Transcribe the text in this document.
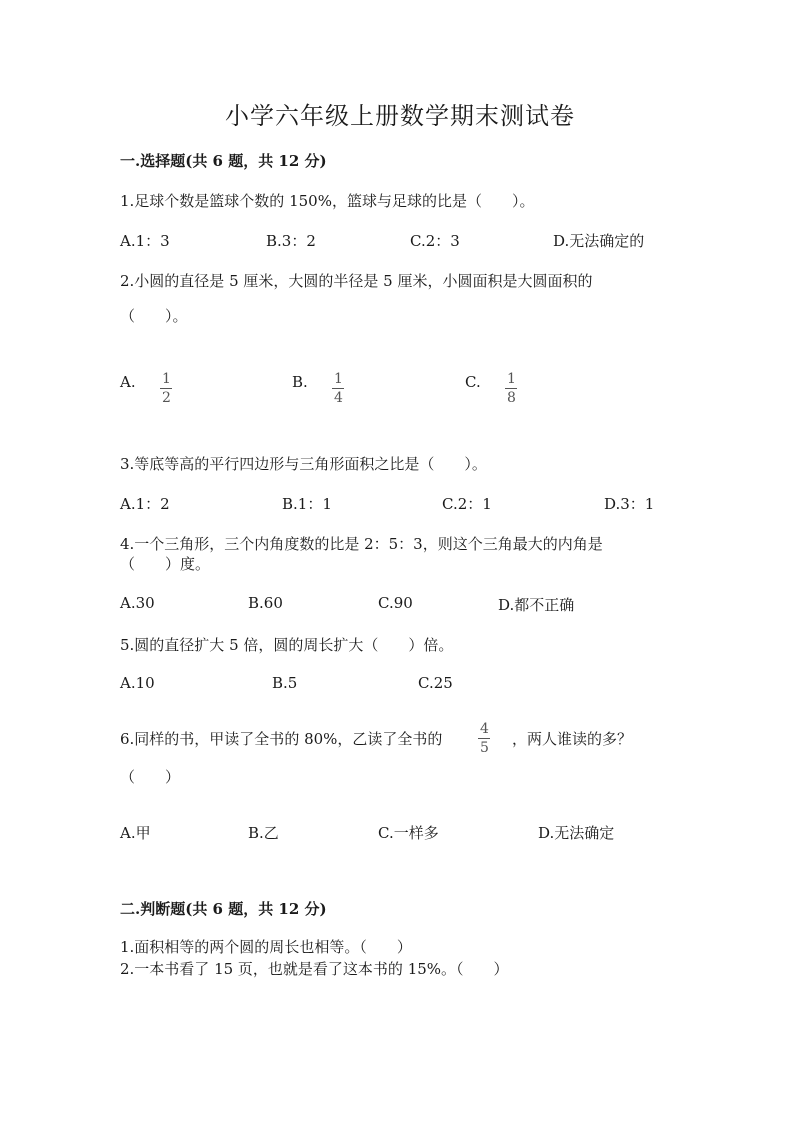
小学六年级上册数学期末测试卷
一.选择题(共 6 题，共 12 分)
1.足球个数是篮球个数的 150%，篮球与足球的比是（　　）。
A.1：3	B.3：2	C.2：3	D.无法确定的
2.小圆的直径是 5 厘米，大圆的半径是 5 厘米，小圆面积是大圆面积的
（　　）。
A. $\frac{1}{2}$	B. $\frac{1}{4}$	C. $\frac{1}{8}$
3.等底等高的平行四边形与三角形面积之比是（　　）。
A.1：2	B.1：1	C.2：1	D.3：1
4.一个三角形，三个内角度数的比是 2：5：3，则这个三角最大的内角是
（　　）度。
A.30	B.60	C.90	D.都不正确
5.圆的直径扩大 5 倍，圆的周长扩大（　　）倍。
A.10	B.5	C.25
6.同样的书，甲读了全书的 80%，乙读了全书的	$\frac{4}{5}$ ，两人谁读的多？
（　　）
A.甲	B.乙	C.一样多	D.无法确定
二.判断题(共 6 题，共 12 分)
1.面积相等的两个圆的周长也相等。（　　）
2.一本书看了 15 页，也就是看了这本书的 15%。（　　）
